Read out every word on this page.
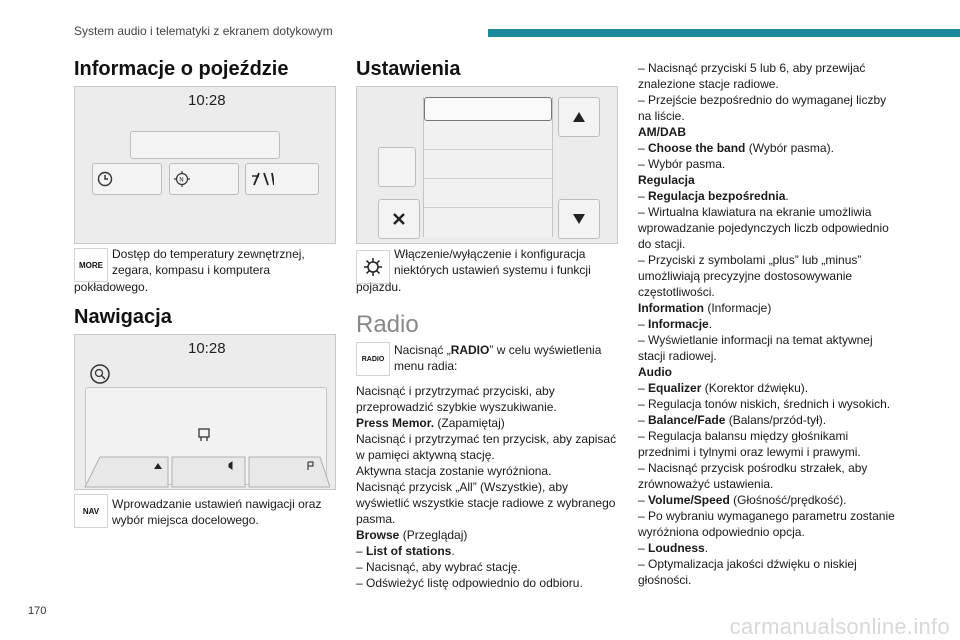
System audio i telematyki z ekranem dotykowym
170
carmanualsonline.info
Informacje o pojeździe
10:28
N
MORE

Dostęp do temperatury zewnętrznej,

zegara, kompasu i komputera

pokładowego.

Nawigacja
10:28
NAV	Wprowadzanie ustawień nawigacji oraz

wybór miejsca docelowego.

Ustawienia

Włączenie/wyłączenie i konfiguracja

niektórych ustawień systemu i funkcji

pojazdu.

Radio
RADIO

Nacisnąć „RADIO” w celu wyświetlenia

menu radia:

Nacisnąć i przytrzymać przyciski, aby

przeprowadzić szybkie wyszukiwanie.

Press Memor. (Zapamiętaj)

Nacisnąć i przytrzymać ten przycisk, aby zapisać

w pamięci aktywną stację.

Aktywna stacja zostanie wyróżniona.

Nacisnąć przycisk „All” (Wszystkie), aby

wyświetlić wszystkie stacje radiowe z wybranego

pasma.

Browse (Przeglądaj)

– List of stations.

– Nacisnąć, aby wybrać stację.

– Odświeżyć listę odpowiednio do odbioru.

– Nacisnąć przyciski 5 lub 6, aby przewijać

znalezione stacje radiowe.

– Przejście bezpośrednio do wymaganej liczby

na liście.

AM/DAB

– Choose the band (Wybór pasma).

– Wybór pasma.

Regulacja

– Regulacja bezpośrednia.

– Wirtualna klawiatura na ekranie umożliwia

wprowadzanie pojedynczych liczb odpowiednio

do stacji.

– Przyciski z symbolami „plus” lub „minus”

umożliwiają precyzyjne dostosowywanie

częstotliwości.

Information (Informacje)

– Informacje.

– Wyświetlanie informacji na temat aktywnej

stacji radiowej.

Audio

– Equalizer (Korektor dźwięku).

– Regulacja tonów niskich, średnich i wysokich.

– Balance/Fade (Balans/przód-tył).

– Regulacja balansu między głośnikami

przednimi i tylnymi oraz lewymi i prawymi.

– Nacisnąć przycisk pośrodku strzałek, aby

zrównoważyć ustawienia.

– Volume/Speed (Głośność/prędkość).

– Po wybraniu wymaganego parametru zostanie

wyróżniona odpowiednio opcja.

– Loudness.

– Optymalizacja jakości dźwięku o niskiej

głośności.
